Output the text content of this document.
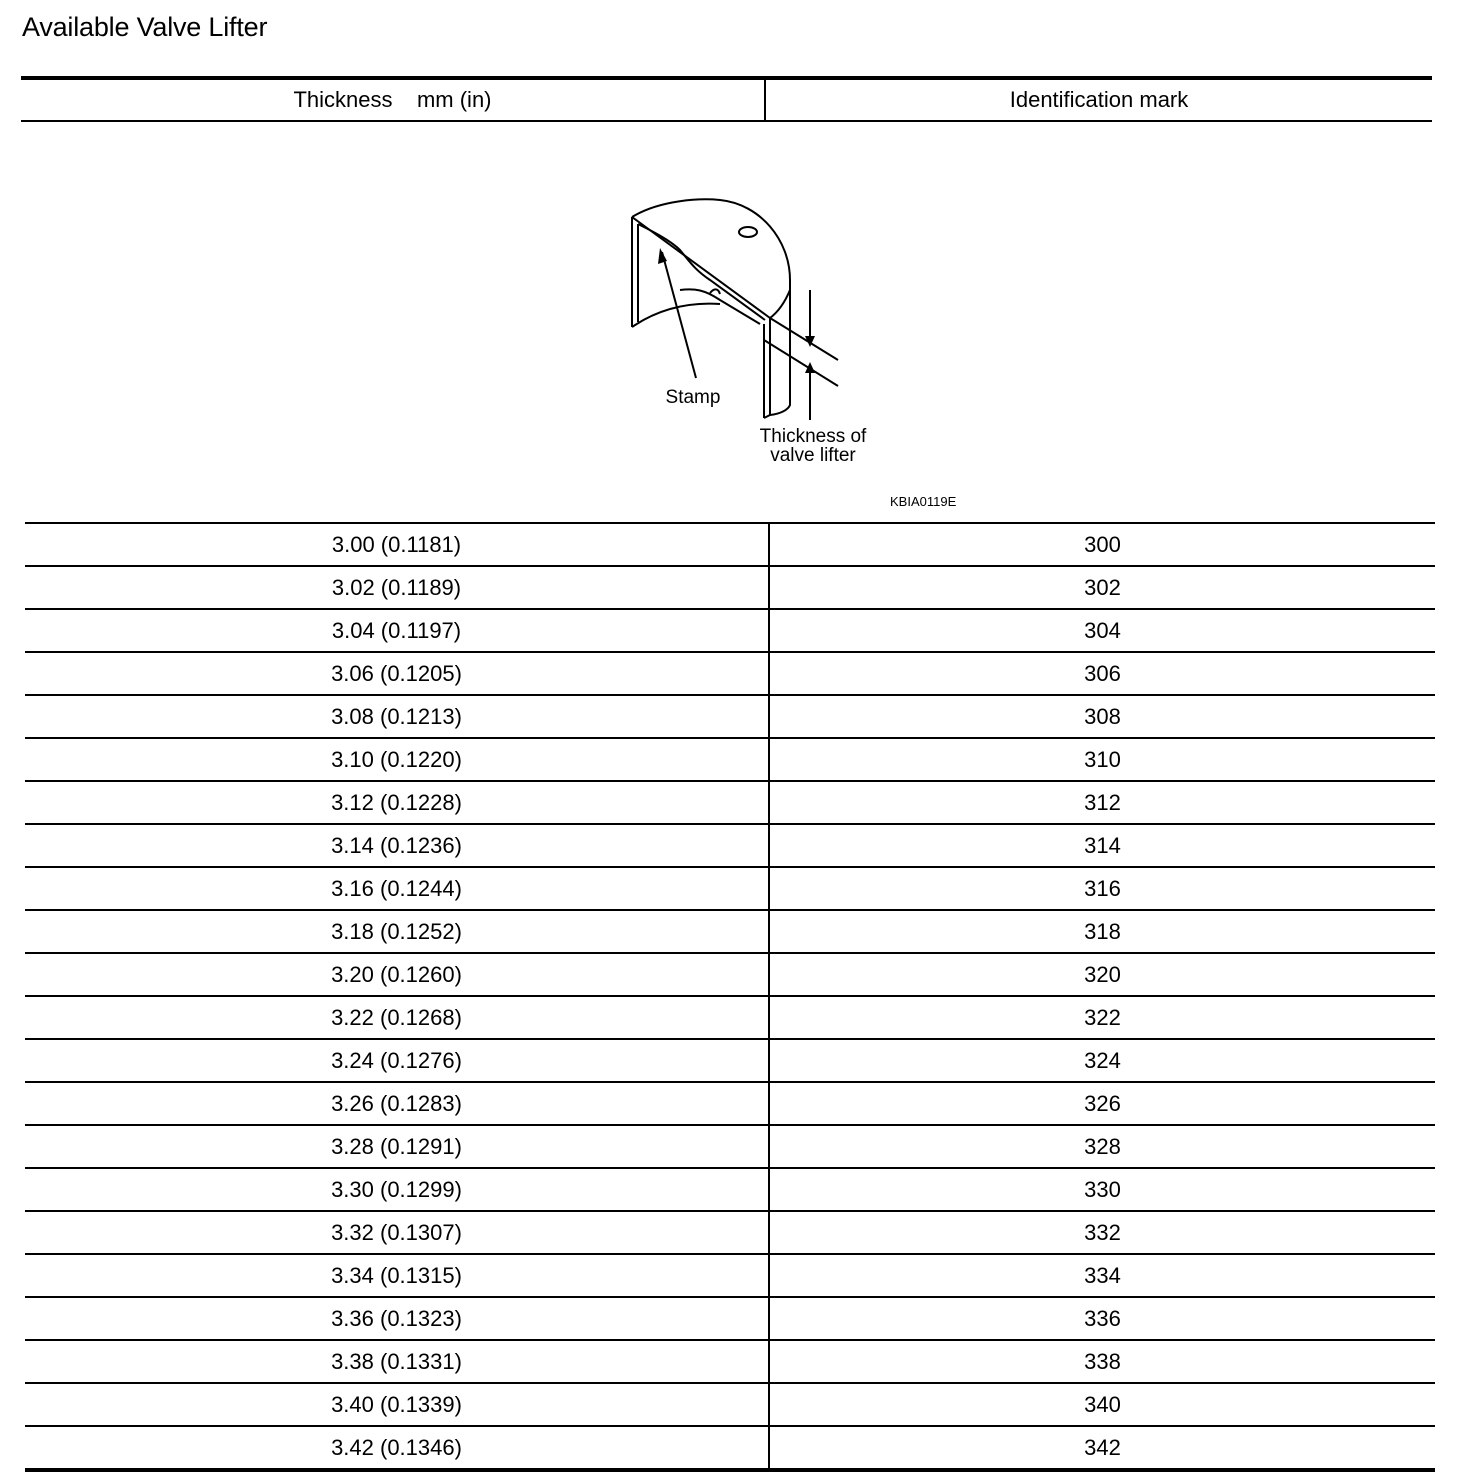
Available Valve Lifter
Thickness    mm (in)	Identification mark
Stamp
Thickness of
valve lifter
KBIA0119E
3.00 (0.1181)	300
3.02 (0.1189)	302
3.04 (0.1197)	304
3.06 (0.1205)	306
3.08 (0.1213)	308
3.10 (0.1220)	310
3.12 (0.1228)	312
3.14 (0.1236)	314
3.16 (0.1244)	316
3.18 (0.1252)	318
3.20 (0.1260)	320
3.22 (0.1268)	322
3.24 (0.1276)	324
3.26 (0.1283)	326
3.28 (0.1291)	328
3.30 (0.1299)	330
3.32 (0.1307)	332
3.34 (0.1315)	334
3.36 (0.1323)	336
3.38 (0.1331)	338
3.40 (0.1339)	340
3.42 (0.1346)	342
